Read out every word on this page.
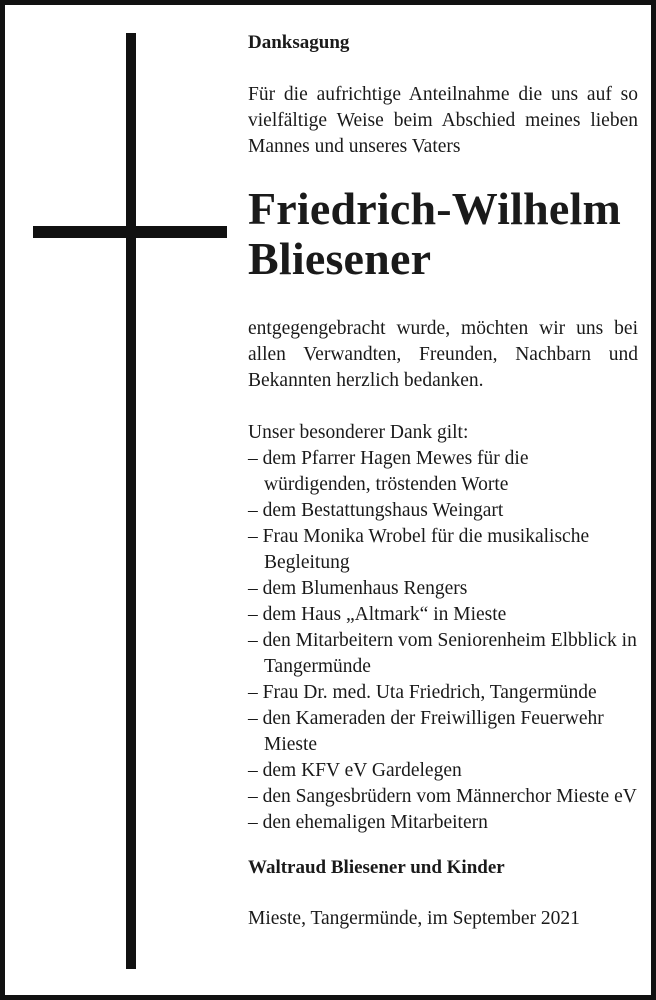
Danksagung

Für die aufrichtige Anteilnahme die uns auf so vielfältige Weise beim Abschied meines lieben Mannes und unseres Vaters

Friedrich-Wilhelm
Bliesener

entgegengebracht wurde, möchten wir uns bei allen Verwandten, Freunden, Nachbarn und Bekannten herzlich bedanken.

Unser besonderer Dank gilt:

– dem Pfarrer Hagen Mewes für die würdigenden, tröstenden Worte
– dem Bestattungshaus Weingart
– Frau Monika Wrobel für die musikalische Begleitung
– dem Blumenhaus Rengers
– dem Haus „Altmark“ in Mieste
– den Mitarbeitern vom Seniorenheim Elbblick in Tangermünde
– Frau Dr. med. Uta Friedrich, Tangermünde
– den Kameraden der Freiwilligen Feuerwehr Mieste
– dem KFV eV Gardelegen
– den Sangesbrüdern vom Männerchor Mieste eV
– den ehemaligen Mitarbeitern

Waltraud Bliesener und Kinder

Mieste, Tangermünde, im September 2021
